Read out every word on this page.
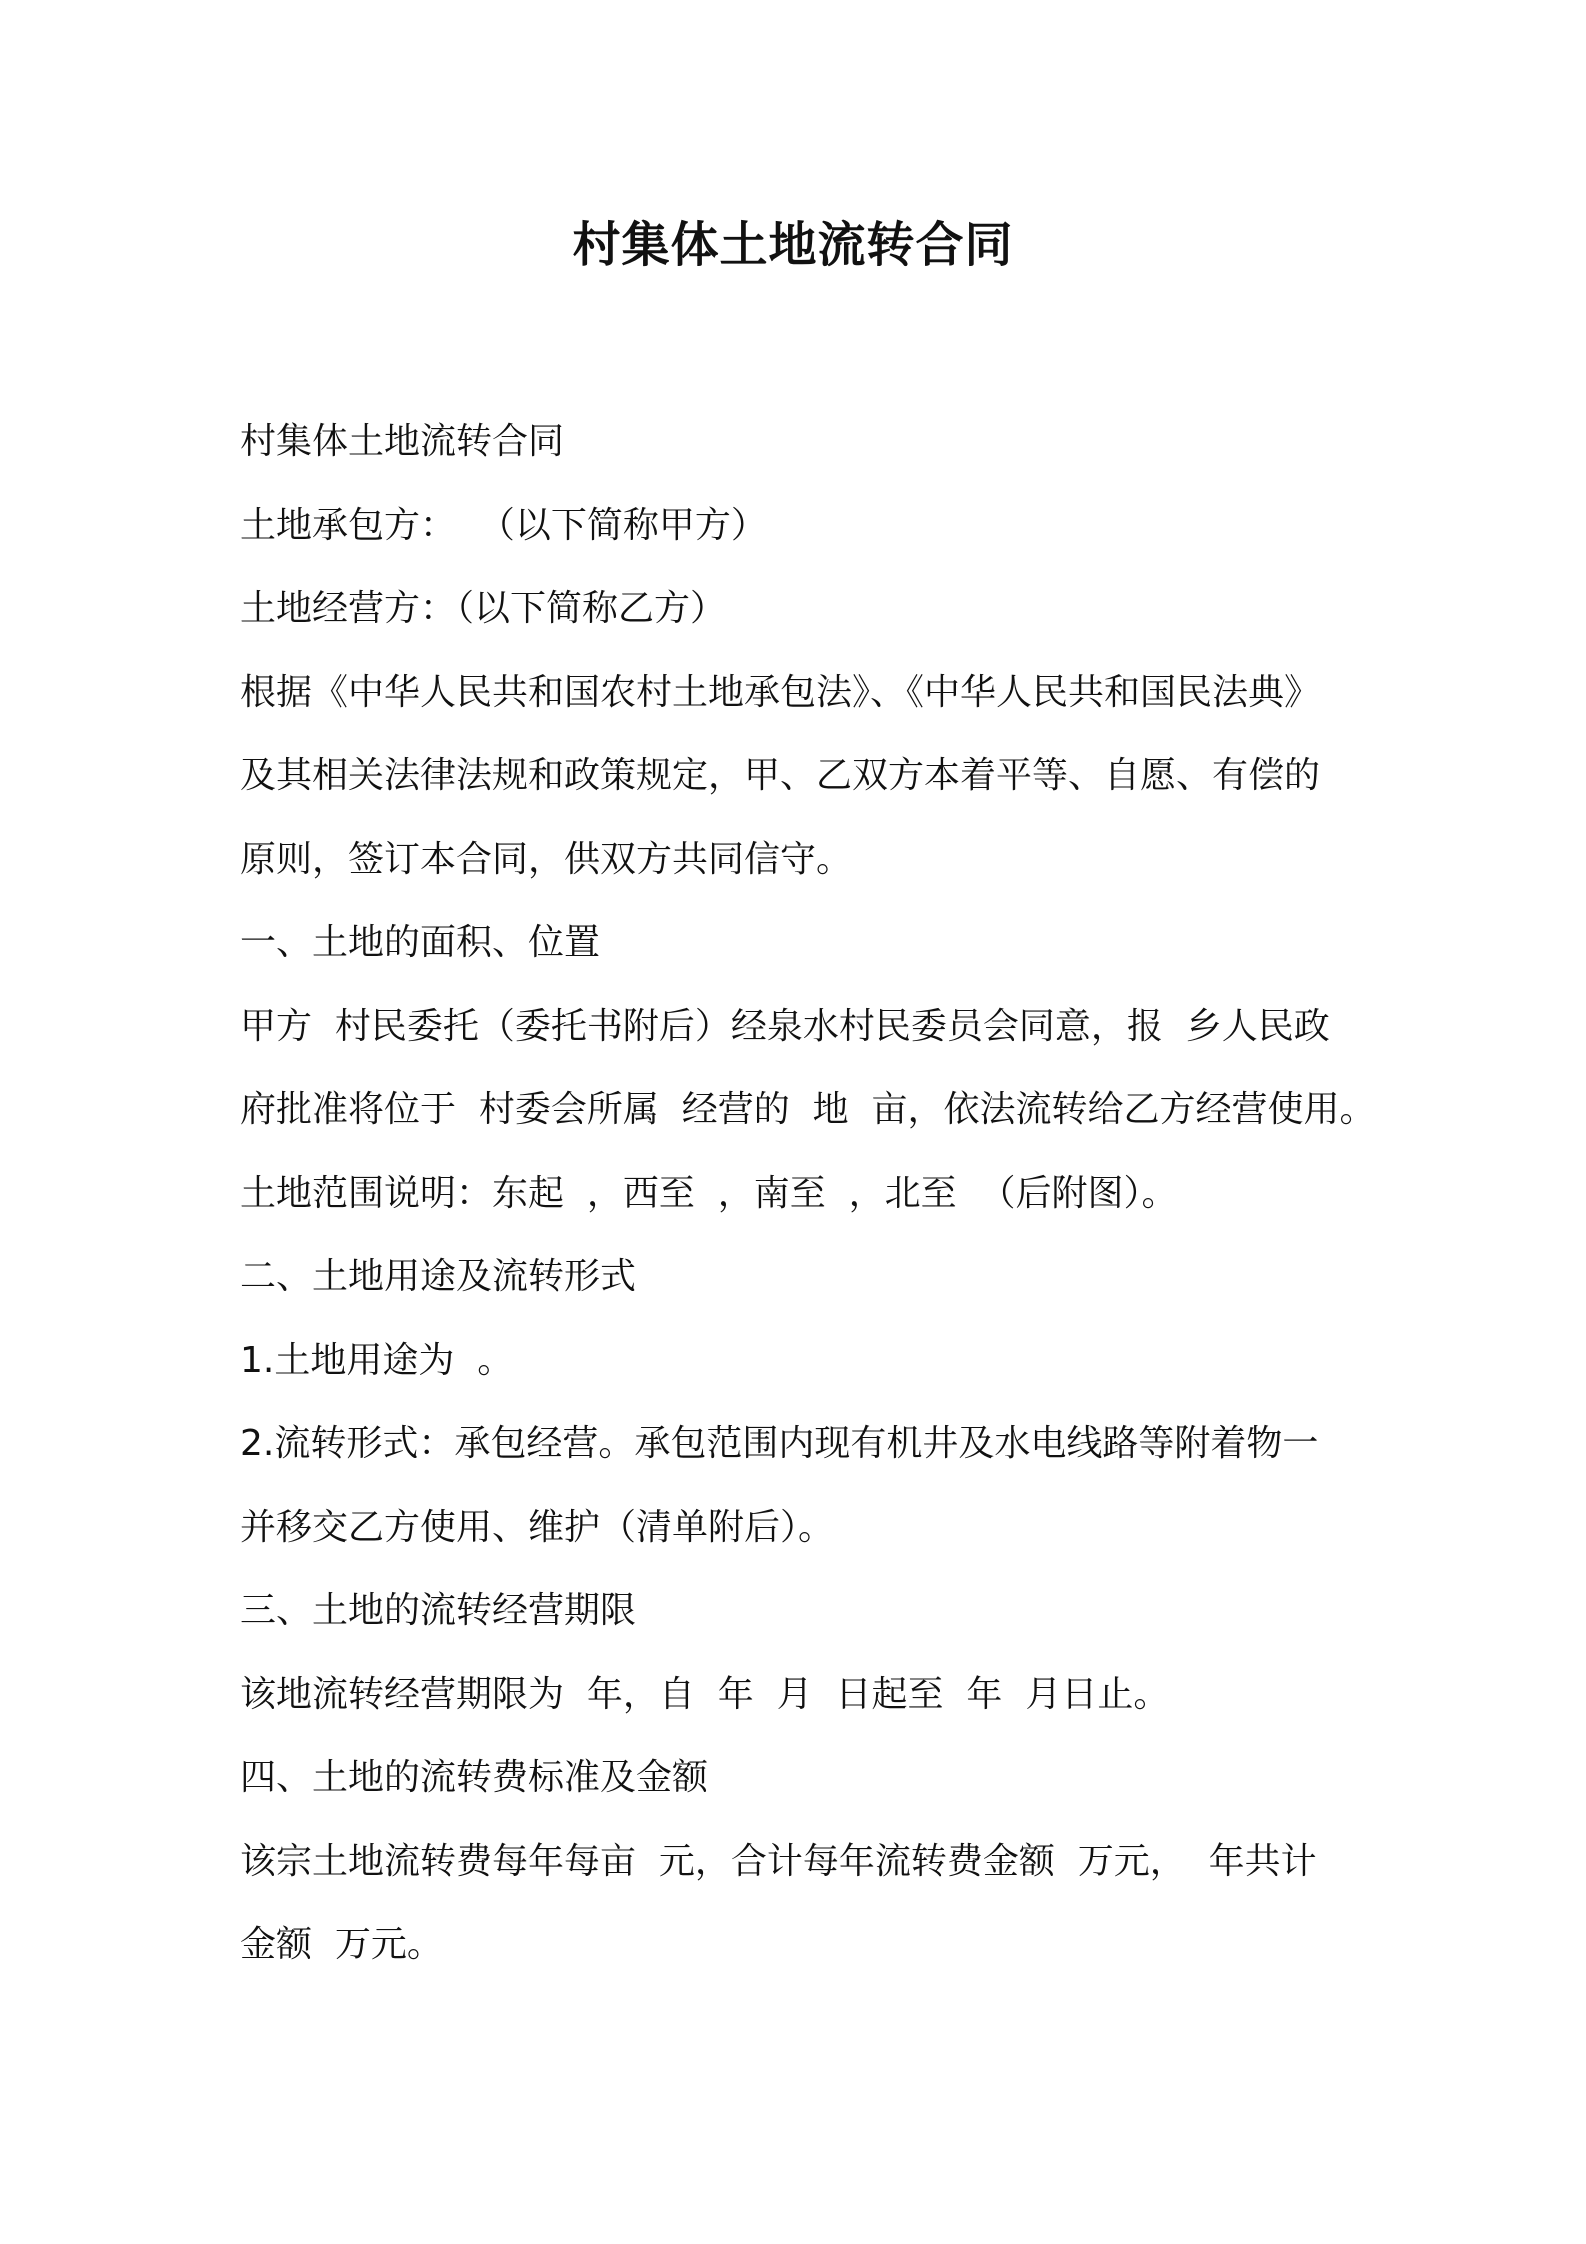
村集体土地流转合同
村集体土地流转合同
土地承包方：  （以下简称甲方）
土地经营方：（以下简称乙方）
根据《中华人民共和国农村土地承包法》、《中华人民共和国民法典》
及其相关法律法规和政策规定，甲、乙双方本着平等、自愿、有偿的
原则，签订本合同，供双方共同信守。
一、土地的面积、位置
甲方  村民委托（委托书附后）经泉水村民委员会同意，报  乡人民政
府批准将位于  村委会所属  经营的  地  亩，依法流转给乙方经营使用。
土地范围说明：东起  ，西至  ，南至  ，北至  （后附图）。
二、土地用途及流转形式
1.土地用途为  。
2.流转形式：承包经营。承包范围内现有机井及水电线路等附着物一
并移交乙方使用、维护（清单附后）。
三、土地的流转经营期限
该地流转经营期限为  年，自  年  月  日起至  年  月日止。
四、土地的流转费标准及金额
该宗土地流转费每年每亩  元，合计每年流转费金额  万元，  年共计
金额  万元。
